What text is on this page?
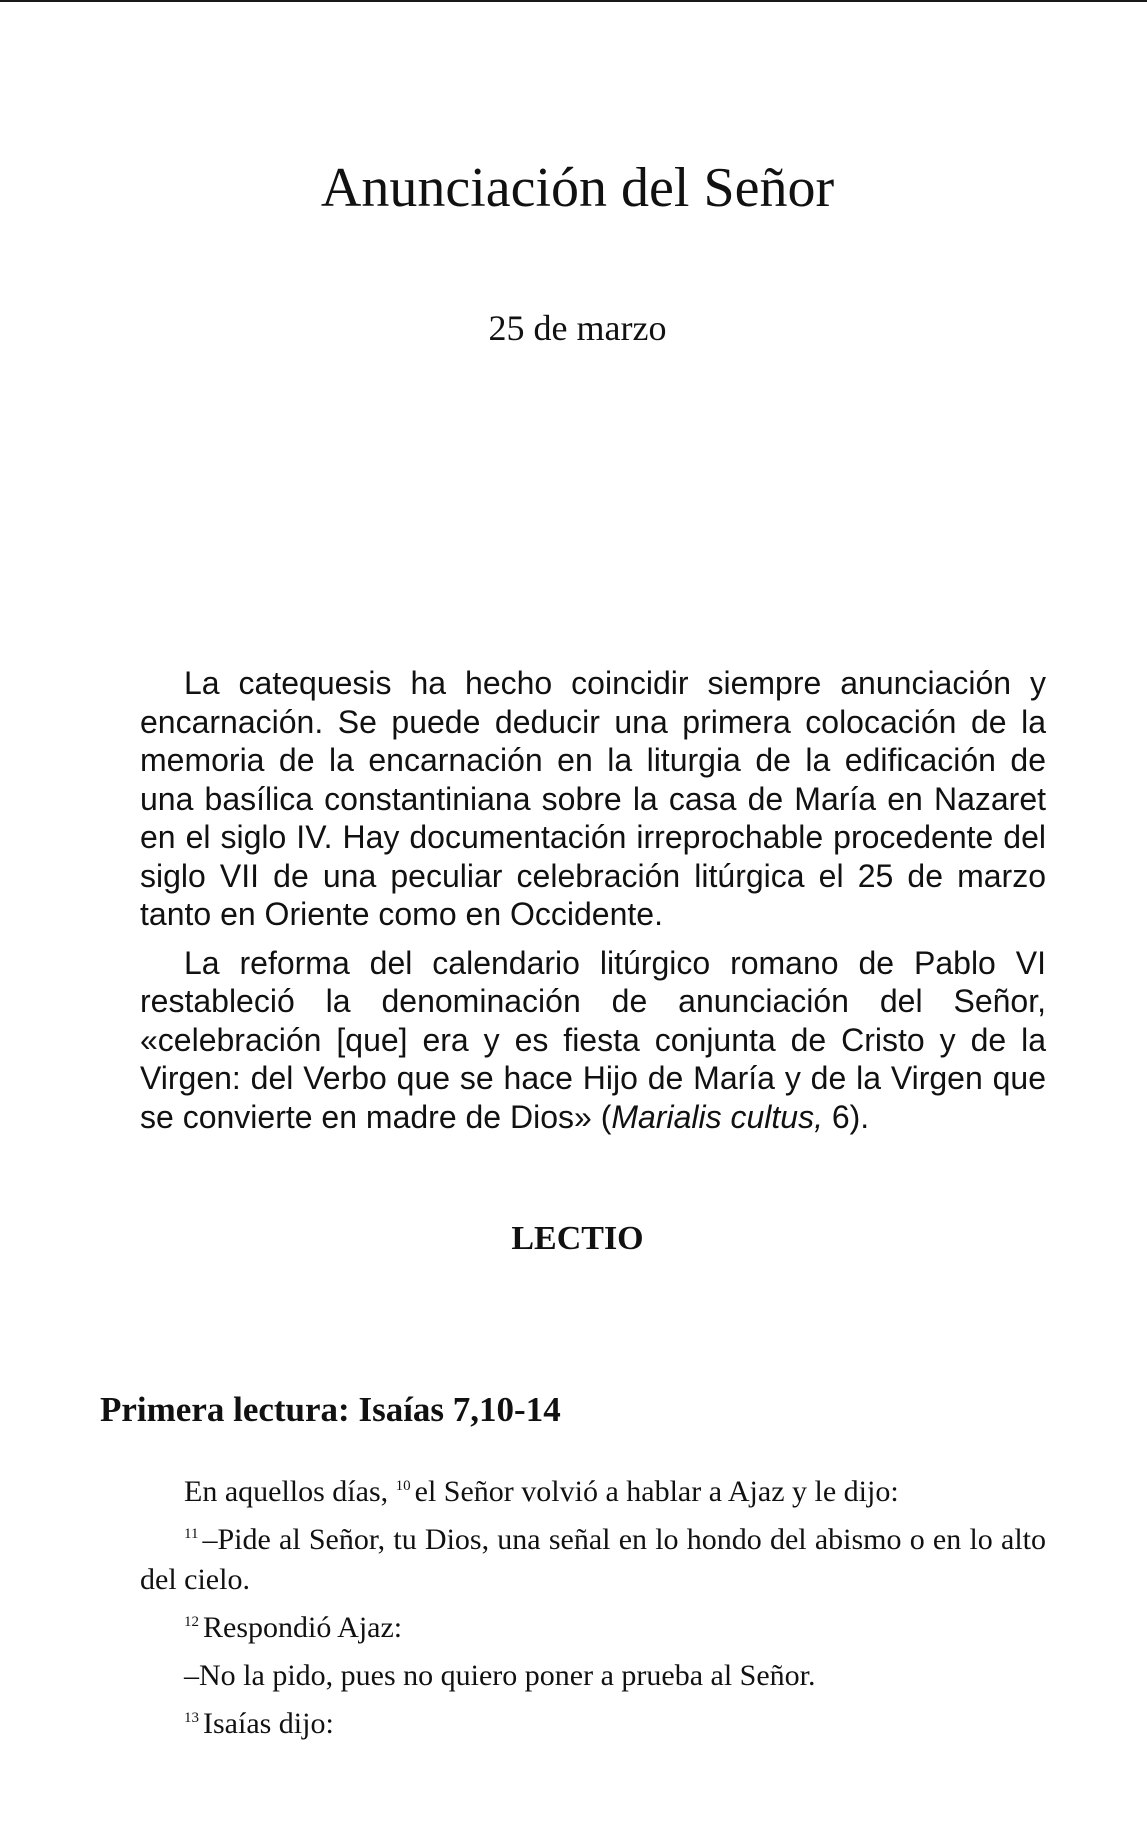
Anunciación del Señor
25 de marzo

La catequesis ha hecho coincidir siempre anunciación y encarnación. Se puede deducir una primera colocación de la memoria de la encarnación en la liturgia de la edificación de una basílica constantiniana sobre la casa de María en Nazaret en el siglo IV. Hay documentación irreprochable procedente del siglo VII de una peculiar celebración litúrgica el 25 de marzo tanto en Oriente como en Occidente.

La reforma del calendario litúrgico romano de Pablo VI restableció la denominación de anunciación del Señor, «celebración [que] era y es fiesta conjunta de Cristo y de la Virgen: del Verbo que se hace Hijo de María y de la Virgen que se convierte en madre de Dios» (Marialis cultus, 6).

LECTIO
Primera lectura: Isaías 7,10-14

En aquellos días, $^{10}$ el Señor volvió a hablar a Ajaz y le dijo:

$^{11}$ –Pide al Señor, tu Dios, una señal en lo hondo del abismo o en lo alto del cielo.

$^{12}$ Respondió Ajaz:

–No la pido, pues no quiero poner a prueba al Señor.

$^{13}$ Isaías dijo:
